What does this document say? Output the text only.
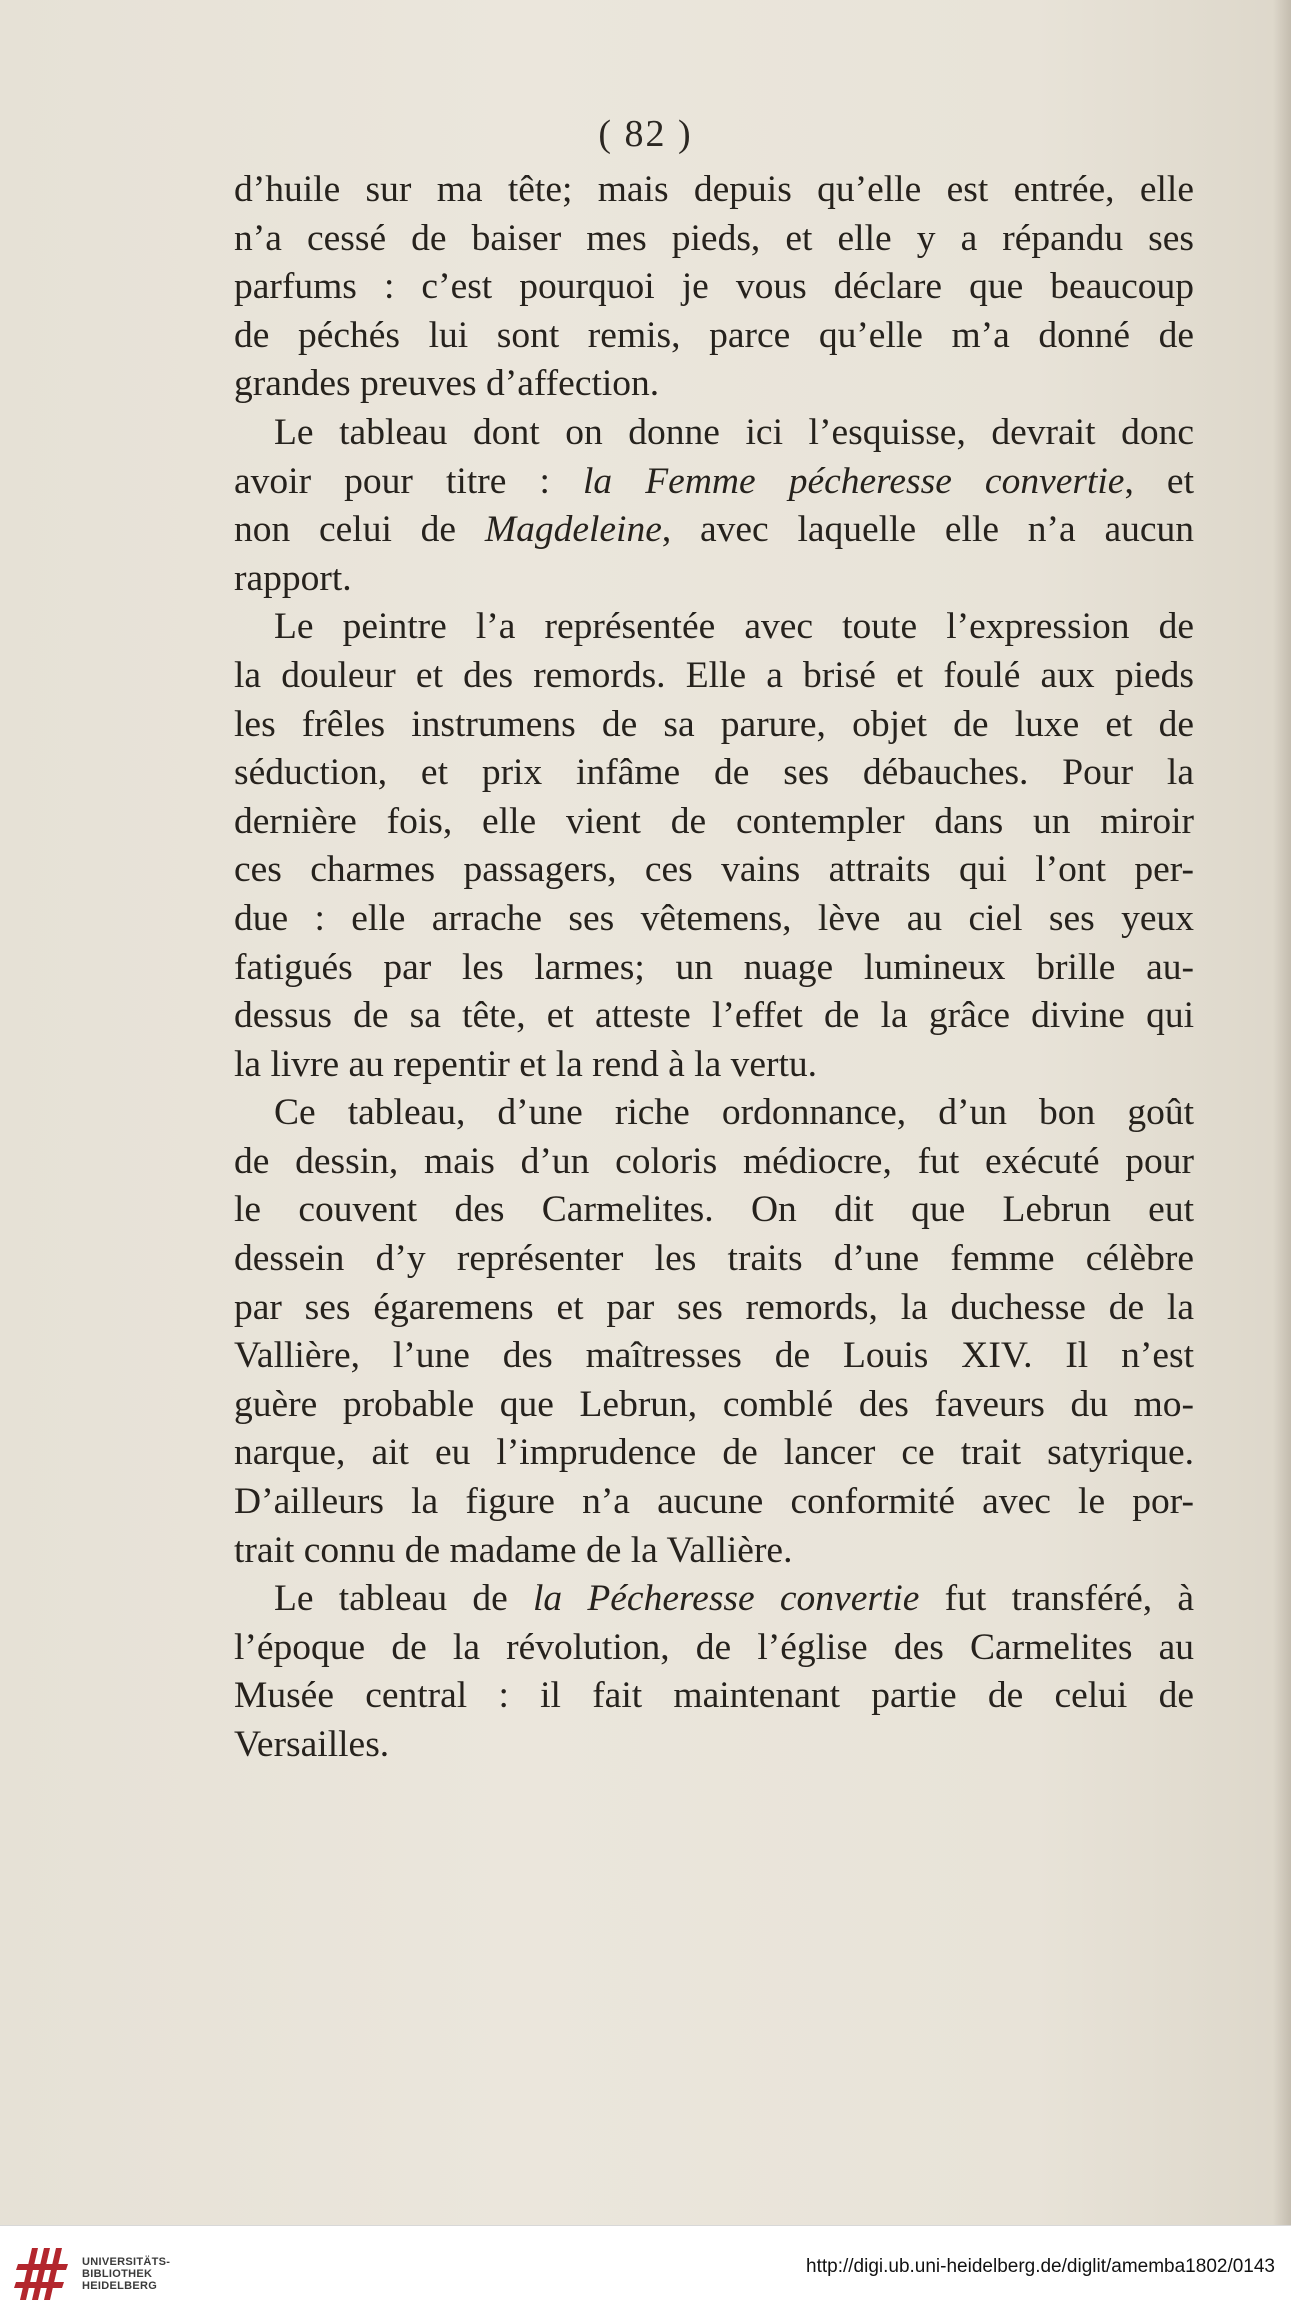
( 82 )
d’huile sur ma tête; mais depuis qu’elle est entrée, elle
n’a cessé de baiser mes pieds, et elle y a répandu ses
parfums : c’est pourquoi je vous déclare que beaucoup
de péchés lui sont remis, parce qu’elle m’a donné de
grandes preuves d’affection.
Le tableau dont on donne ici l’esquisse, devrait donc
avoir pour titre : la Femme pécheresse convertie, et
non celui de Magdeleine, avec laquelle elle n’a aucun
rapport.
Le peintre l’a représentée avec toute l’expression de
la douleur et des remords. Elle a brisé et foulé aux pieds
les frêles instrumens de sa parure, objet de luxe et de
séduction, et prix infâme de ses débauches. Pour la
dernière fois, elle vient de contempler dans un miroir
ces charmes passagers, ces vains attraits qui l’ont per-
due : elle arrache ses vêtemens, lève au ciel ses yeux
fatigués par les larmes; un nuage lumineux brille au-
dessus de sa tête, et atteste l’effet de la grâce divine qui
la livre au repentir et la rend à la vertu.
Ce tableau, d’une riche ordonnance, d’un bon goût
de dessin, mais d’un coloris médiocre, fut exécuté pour
le couvent des Carmelites. On dit que Lebrun eut
dessein d’y représenter les traits d’une femme célèbre
par ses égaremens et par ses remords, la duchesse de la
Vallière, l’une des maîtresses de Louis XIV. Il n’est
guère probable que Lebrun, comblé des faveurs du mo-
narque, ait eu l’imprudence de lancer ce trait satyrique.
D’ailleurs la figure n’a aucune conformité avec le por-
trait connu de madame de la Vallière.
Le tableau de la Pécheresse convertie fut transféré, à
l’époque de la révolution, de l’église des Carmelites au
Musée central : il fait maintenant partie de celui de
Versailles.
UNIVERSITÄTS-
BIBLIOTHEK
HEIDELBERG
http://digi.ub.uni-heidelberg.de/diglit/amemba1802/0143
